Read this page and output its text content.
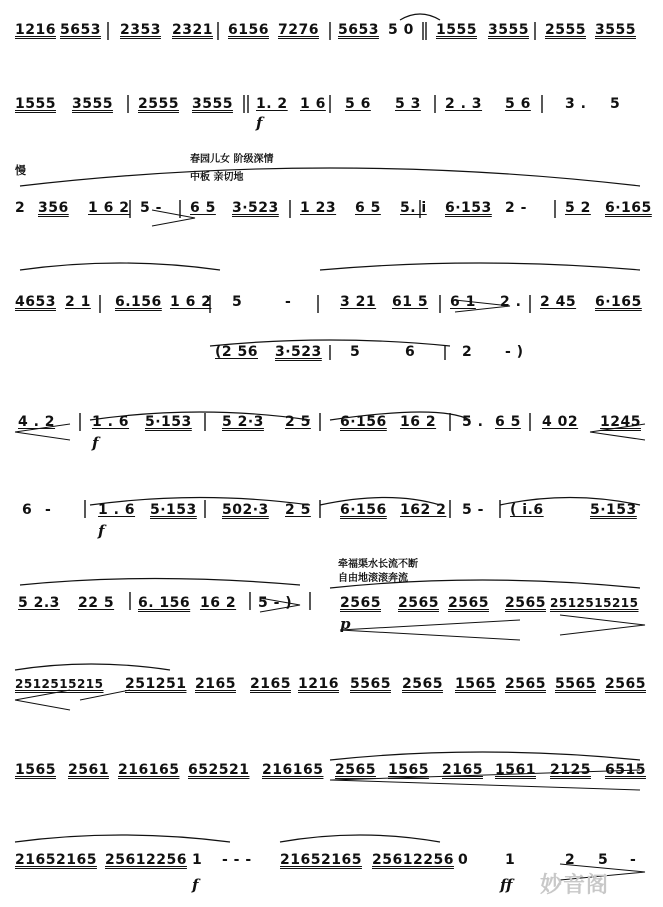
1216 5653 2353 2321 6156 7276 5653 5 0 1555 3555 2555 3555
1555 3555 2555 3555 1. 2 1 6 5 6 5 3 2 . 3 5 6 3 . 5
f
春园儿女 阶级深情
中板 亲切地
慢
2 356 1 6 2 5 - 6 5 3·523 1 23 6 5 5. i 6·153 2 -	5 2 6·165
4653 2 1 6.156 1 6 2 5	-	3 21 61 5 6 1 2 . 2 45 6·165
(2 56 3·523 5	6	2 - )
4 . 2	1 . 6 5·153 5 2·3 2 5 6·156 16 2 5 . 6 5 4 02 1245
f
6 -	1 . 6 5·153 502·3 2 5 6·156 162 2 5 - ( i.6	5·153
f
牵福渠水长流不断
自由地滚滚奔流
5 2.3 22 5 6. 156 16 2 5 - )	2565 2565 2565 2565 2512515215
p
2512515215 251251 2165 2165 1216 5565 2565 1565 2565 5565 2565
1565 2561 216165 652521 216165 2565 1565 2165 1561 2125 6515
21652165 25612256 1 - - - 21652165 25612256 0	1	2 5 -
f	ff 妙音阁
